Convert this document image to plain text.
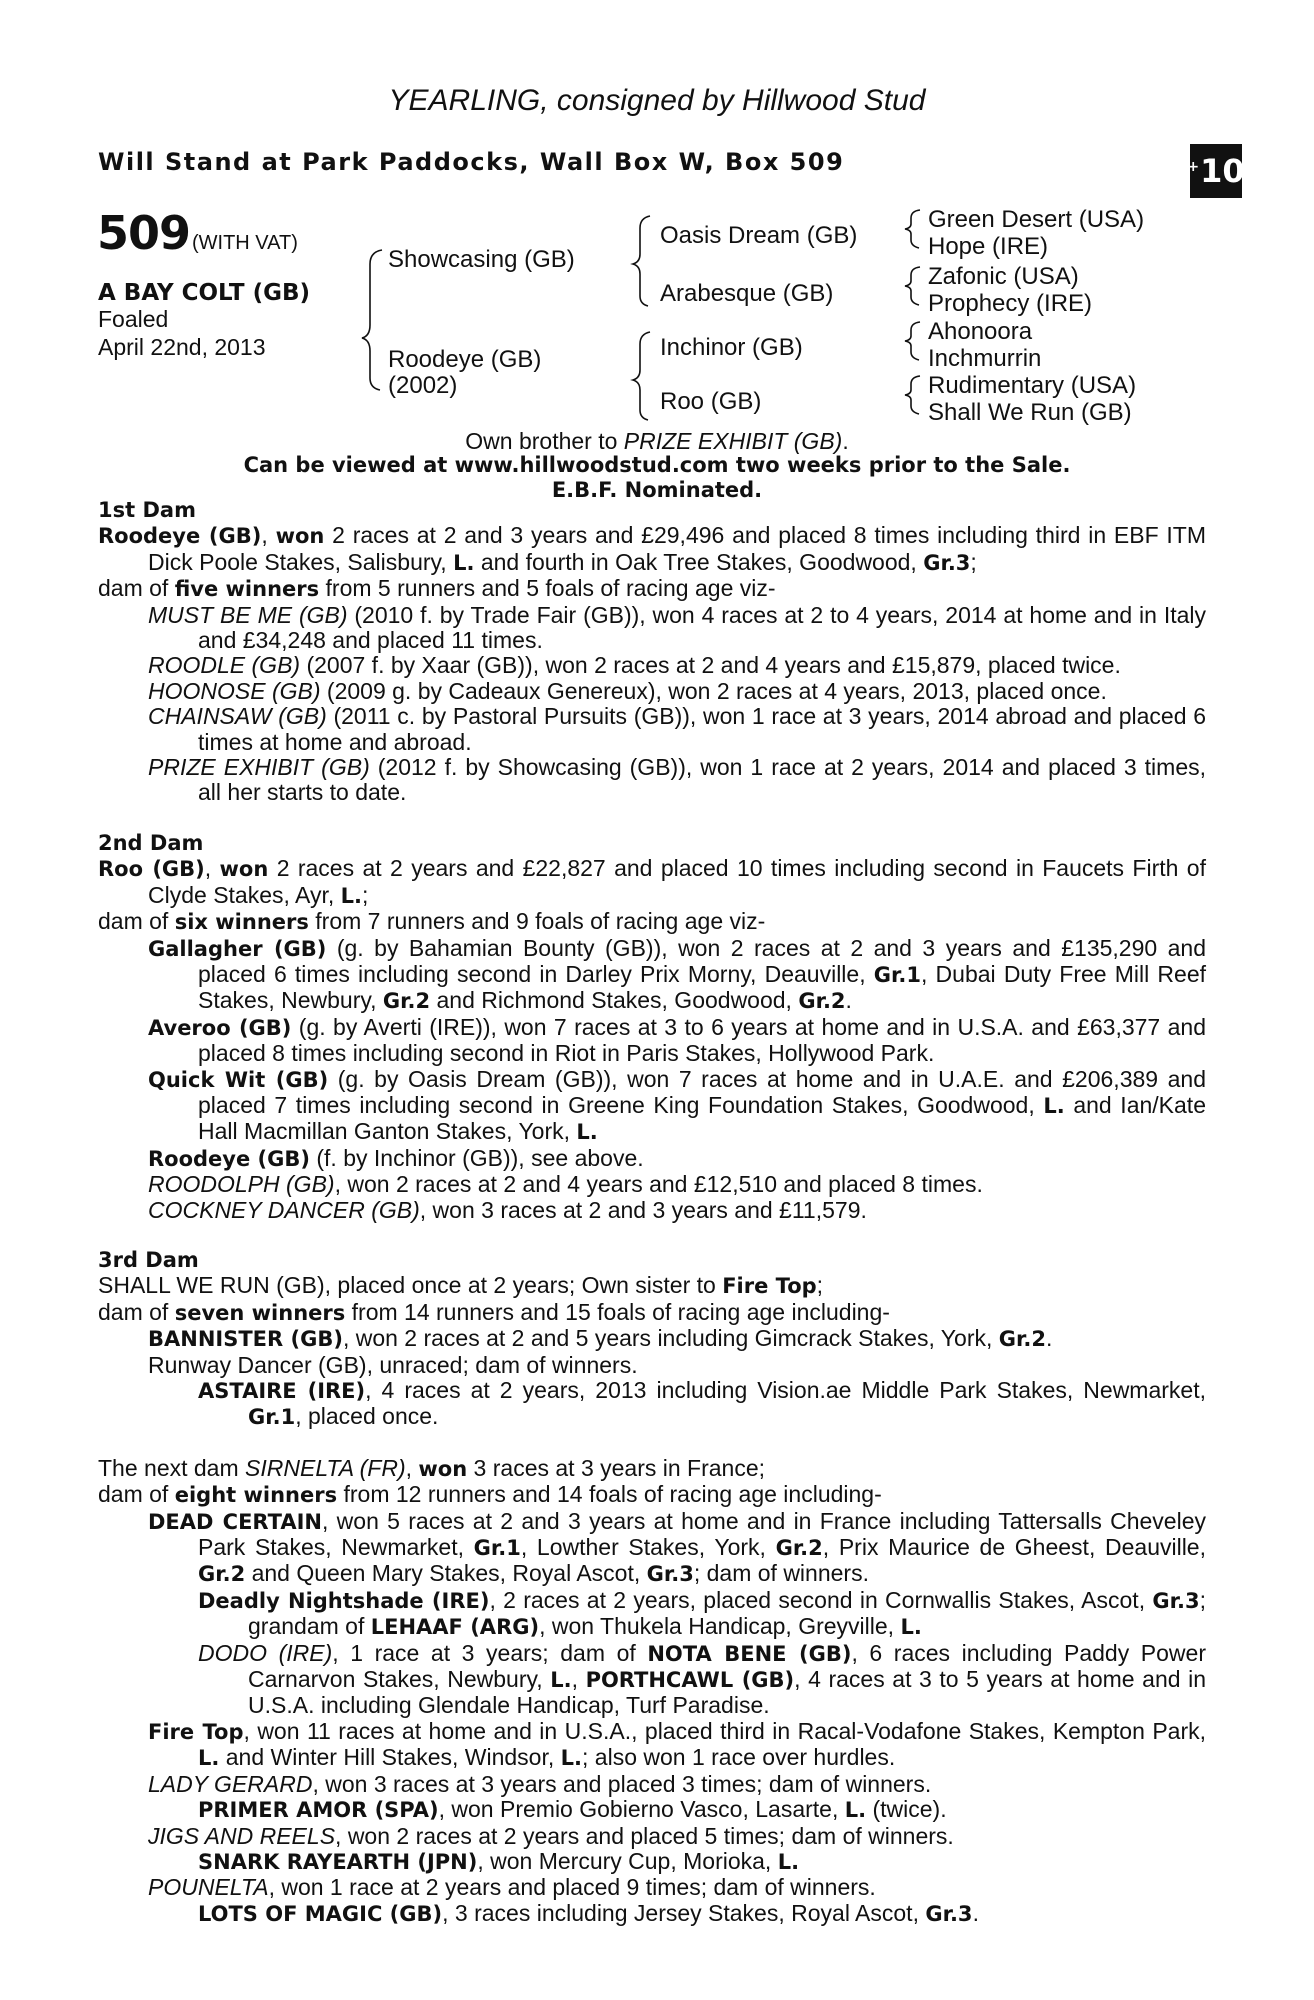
YEARLING, consigned by Hillwood Stud
Will Stand at Park Paddocks, Wall Box W, Box 509	+ 10
509 (WITH VAT)
A BAY COLT (GB)
Foaled
April 22nd, 2013
Showcasing (GB)
Roodeye (GB)
(2002)
Oasis Dream (GB)
Arabesque (GB)
Inchinor (GB)
Roo (GB)
Green Desert (USA)
Hope (IRE)
Zafonic (USA)
Prophecy (IRE)
Ahonoora
Inchmurrin
Rudimentary (USA)
Shall We Run (GB)
Own brother to PRIZE EXHIBIT (GB).
Can be viewed at www.hillwoodstud.com two weeks prior to the Sale.
E.B.F. Nominated.

1st Dam

Roodeye (GB), won 2 races at 2 and 3 years and £29,496 and placed 8 times including third in EBF ITM Dick Poole Stakes, Salisbury, L. and fourth in Oak Tree Stakes, Goodwood, Gr.3;

dam of five winners from 5 runners and 5 foals of racing age viz-

MUST BE ME (GB) (2010 f. by Trade Fair (GB)), won 4 races at 2 to 4 years, 2014 at home and in Italy and £34,248 and placed 11 times.

ROODLE (GB) (2007 f. by Xaar (GB)), won 2 races at 2 and 4 years and £15,879, placed twice.

HOONOSE (GB) (2009 g. by Cadeaux Genereux), won 2 races at 4 years, 2013, placed once.

CHAINSAW (GB) (2011 c. by Pastoral Pursuits (GB)), won 1 race at 3 years, 2014 abroad and placed 6 times at home and abroad.

PRIZE EXHIBIT (GB) (2012 f. by Showcasing (GB)), won 1 race at 2 years, 2014 and placed 3 times, all her starts to date.

2nd Dam

Roo (GB), won 2 races at 2 years and £22,827 and placed 10 times including second in Faucets Firth of Clyde Stakes, Ayr, L.;

dam of six winners from 7 runners and 9 foals of racing age viz-

Gallagher (GB) (g. by Bahamian Bounty (GB)), won 2 races at 2 and 3 years and £135,290 and placed 6 times including second in Darley Prix Morny, Deauville, Gr.1, Dubai Duty Free Mill Reef Stakes, Newbury, Gr.2 and Richmond Stakes, Goodwood, Gr.2.

Averoo (GB) (g. by Averti (IRE)), won 7 races at 3 to 6 years at home and in U.S.A. and £63,377 and placed 8 times including second in Riot in Paris Stakes, Hollywood Park.

Quick Wit (GB) (g. by Oasis Dream (GB)), won 7 races at home and in U.A.E. and £206,389 and placed 7 times including second in Greene King Foundation Stakes, Goodwood, L. and Ian/Kate Hall Macmillan Ganton Stakes, York, L.

Roodeye (GB) (f. by Inchinor (GB)), see above.

ROODOLPH (GB), won 2 races at 2 and 4 years and £12,510 and placed 8 times.

COCKNEY DANCER (GB), won 3 races at 2 and 3 years and £11,579.

3rd Dam

SHALL WE RUN (GB), placed once at 2 years; Own sister to Fire Top;

dam of seven winners from 14 runners and 15 foals of racing age including-

BANNISTER (GB), won 2 races at 2 and 5 years including Gimcrack Stakes, York, Gr.2.

Runway Dancer (GB), unraced; dam of winners.

ASTAIRE (IRE), 4 races at 2 years, 2013 including Vision.ae Middle Park Stakes, Newmarket, Gr.1, placed once.

The next dam SIRNELTA (FR), won 3 races at 3 years in France;

dam of eight winners from 12 runners and 14 foals of racing age including-

DEAD CERTAIN, won 5 races at 2 and 3 years at home and in France including Tattersalls Cheveley Park Stakes, Newmarket, Gr.1, Lowther Stakes, York, Gr.2, Prix Maurice de Gheest, Deauville, Gr.2 and Queen Mary Stakes, Royal Ascot, Gr.3; dam of winners.

Deadly Nightshade (IRE), 2 races at 2 years, placed second in Cornwallis Stakes, Ascot, Gr.3; grandam of LEHAAF (ARG), won Thukela Handicap, Greyville, L.

DODO (IRE), 1 race at 3 years; dam of NOTA BENE (GB), 6 races including Paddy Power Carnarvon Stakes, Newbury, L., PORTHCAWL (GB), 4 races at 3 to 5 years at home and in U.S.A. including Glendale Handicap, Turf Paradise.

Fire Top, won 11 races at home and in U.S.A., placed third in Racal-Vodafone Stakes, Kempton Park, L. and Winter Hill Stakes, Windsor, L.; also won 1 race over hurdles.

LADY GERARD, won 3 races at 3 years and placed 3 times; dam of winners.

PRIMER AMOR (SPA), won Premio Gobierno Vasco, Lasarte, L. (twice).

JIGS AND REELS, won 2 races at 2 years and placed 5 times; dam of winners.

SNARK RAYEARTH (JPN), won Mercury Cup, Morioka, L.

POUNELTA, won 1 race at 2 years and placed 9 times; dam of winners.

LOTS OF MAGIC (GB), 3 races including Jersey Stakes, Royal Ascot, Gr.3.
